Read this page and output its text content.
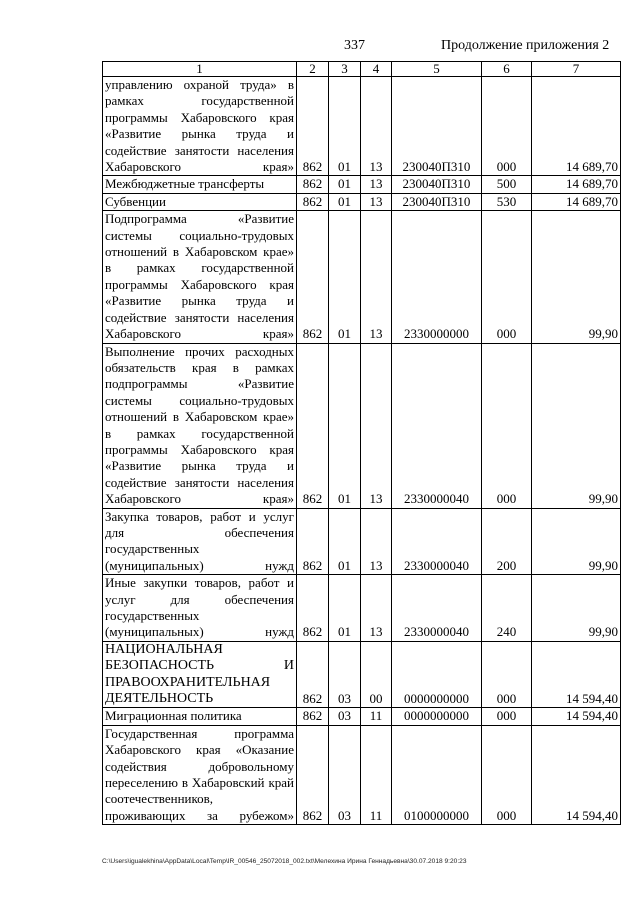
337	Продолжение приложения 2
1	2	3	4	5	6	7
управлению охраной труда» в рамках государственной программы Хабаровского края «Развитие рынка труда и содействие занятости населения Хабаровского края»	862	01	13	230040П310	000	14 689,70
Межбюджетные трансферты	862	01	13	230040П310	500	14 689,70
Субвенции	862	01	13	230040П310	530	14 689,70
Подпрограмма «Развитие системы социально-трудовых отношений в Хабаровском крае» в рамках государственной программы Хабаровского края «Развитие рынка труда и содействие занятости населения Хабаровского края»	862	01	13	2330000000	000	99,90
Выполнение прочих расходных обязательств края в рамках подпрограммы «Развитие системы социально-трудовых отношений в Хабаровском крае» в рамках государственной программы Хабаровского края «Развитие рынка труда и содействие занятости населения Хабаровского края»	862	01	13	2330000040	000	99,90
Закупка товаров, работ и услуг для обеспечения государственных (муниципальных) нужд	862	01	13	2330000040	200	99,90
Иные закупки товаров, работ и услуг для обеспечения государственных (муниципальных) нужд	862	01	13	2330000040	240	99,90
НАЦИОНАЛЬНАЯ БЕЗОПАСНОСТЬ И ПРАВООХРАНИТЕЛЬНАЯ ДЕЯТЕЛЬНОСТЬ	862	03	00	0000000000	000	14 594,40
Миграционная политика	862	03	11	0000000000	000	14 594,40
Государственная программа Хабаровского края «Оказание содействия добровольному переселению в Хабаровский край соотечественников, проживающих за рубежом»	862	03	11	0100000000	000	14 594,40
C:\Users\igualekhina\AppData\Local\Temp\IR_00546_25072018_002.txt\Мелехина Ирина Геннадьевна\30.07.2018 9:20:23
